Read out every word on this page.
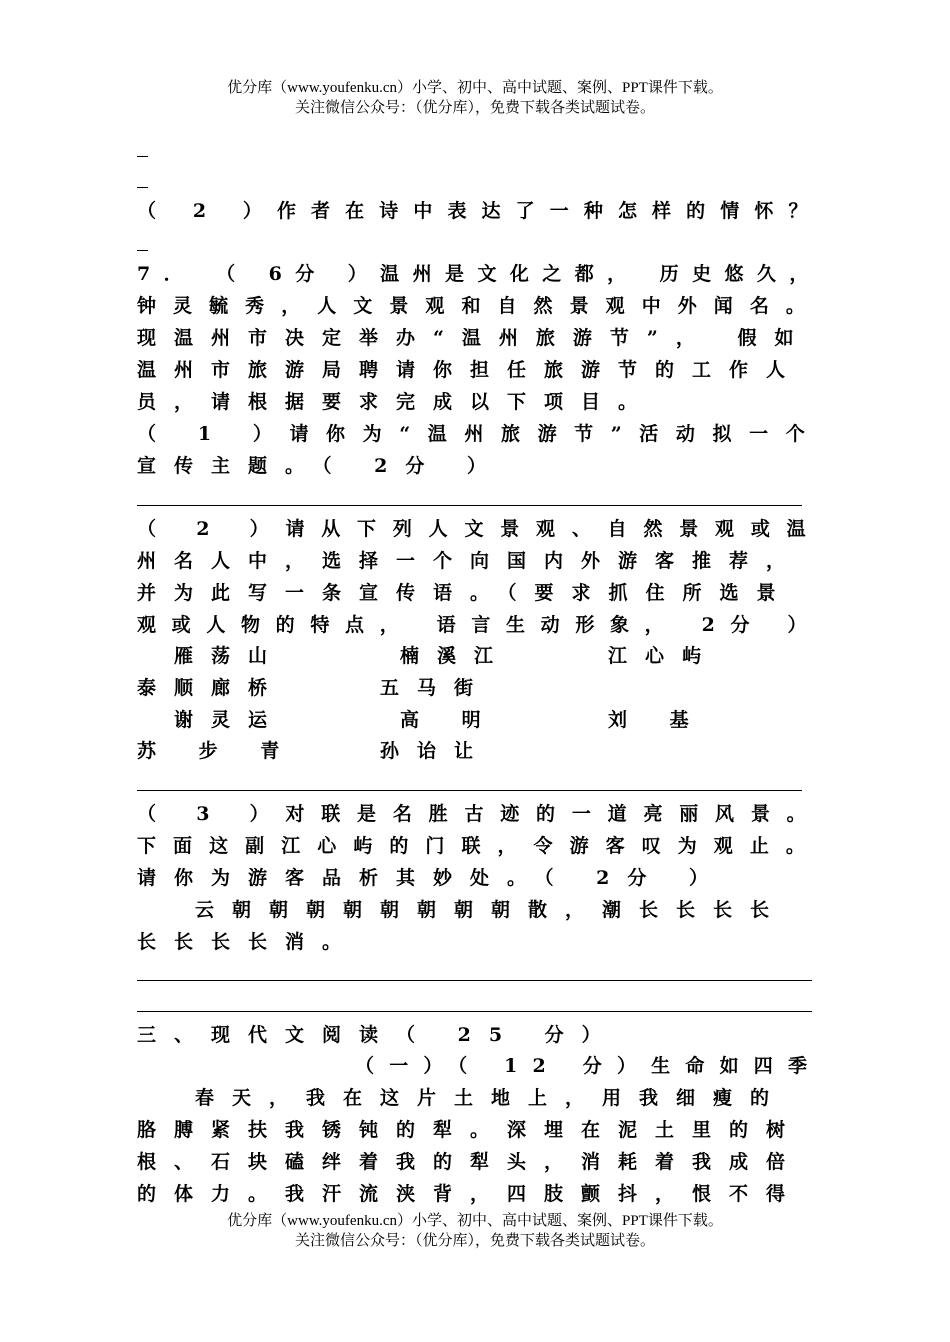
优分库（www.youfenku.cn）小学、初中、高中试题、案例、PPT课件下载。
关注微信公众号：（优分库），免费下载各类试题试卷。
（ 2 ）作者在诗中表达了一种怎样的情怀？
7． （ 6分 ）温州是文化之都， 历史悠久，
钟灵毓秀，人文景观和自然景观中外闻名。
现温州市决定举办“温州旅游节”， 假如
温州市旅游局聘请你担任旅游节的工作人
员，请根据要求完成以下项目。
（ 1 ）请你为“温州旅游节”活动拟一个
宣传主题。（ 2分 ）
（ 2 ）请从下列人文景观、自然景观或温
州名人中，选择一个向国内外游客推荐，
并为此写一条宣传语。（要求抓住所选景
观或人物的特点， 语言生动形象， 2分 ）
雁荡山	楠溪江	江心屿
泰顺廊桥	五马街
谢灵运	高 明	刘 基
苏 步 青	孙诒让
（ 3 ）对联是名胜古迹的一道亮丽风景。
下面这副江心屿的门联，令游客叹为观止。
请你为游客品析其妙处。（ 2分 ）
云朝朝朝朝朝朝朝朝散，潮长长长长
长长长长消。
三、现代文阅读（ 25 分）
（一）（ 12 分）生命如四季
春天，我在这片土地上，用我细瘦的
胳膊紧扶我锈钝的犁。深埋在泥土里的树
根、石块磕绊着我的犁头，消耗着我成倍
的体力。我汗流浃背，四肢颤抖，恨不得
优分库（www.youfenku.cn）小学、初中、高中试题、案例、PPT课件下载。
关注微信公众号：（优分库），免费下载各类试题试卷。
